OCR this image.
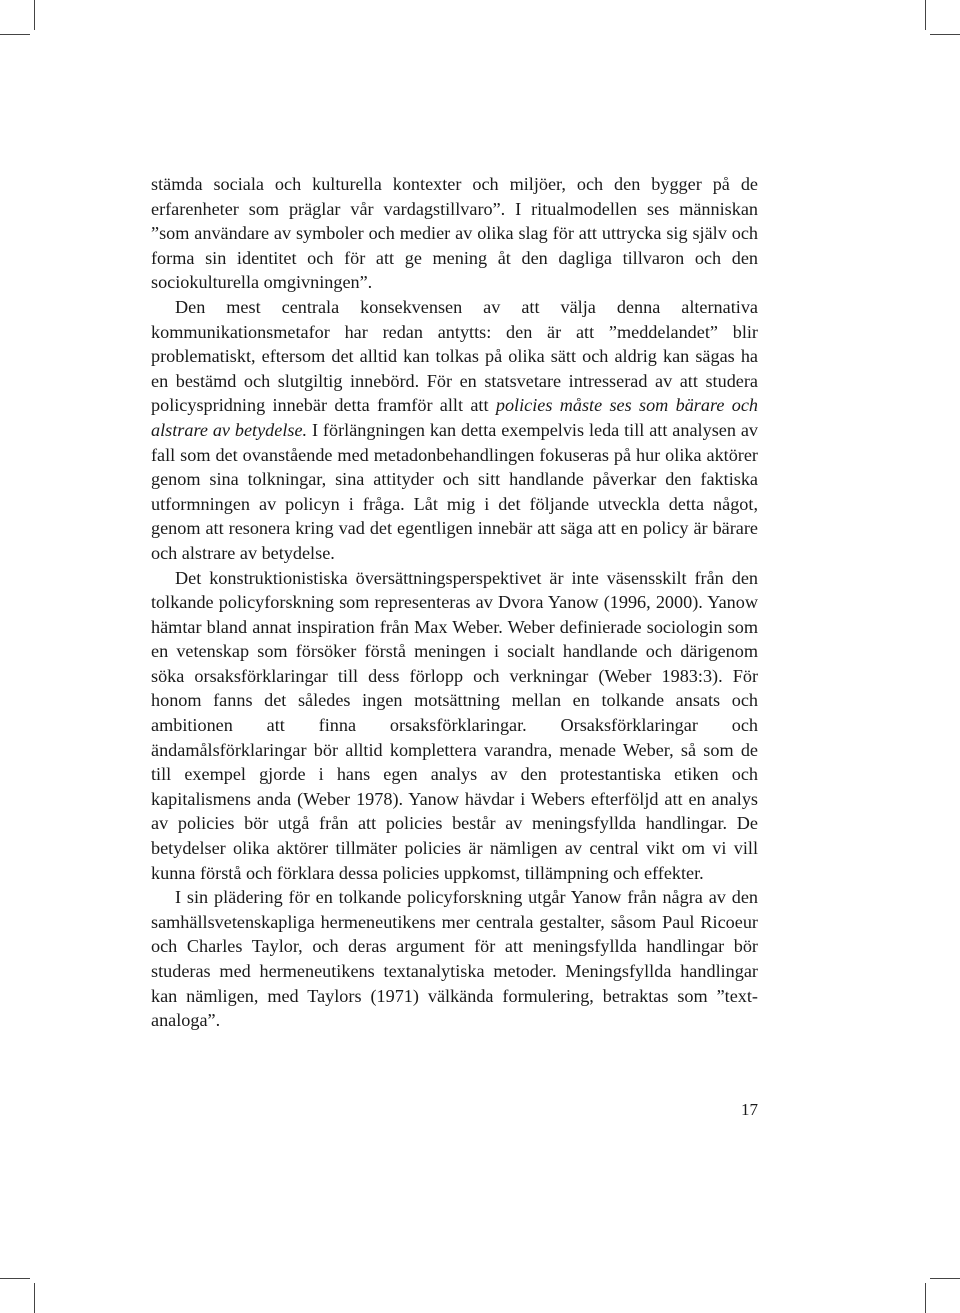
stämda sociala och kulturella kontexter och miljöer, och den bygger på de erfarenheter som präglar vår vardagstillvaro”. I ritualmodellen ses människan ”som användare av symboler och medier av olika slag för att uttrycka sig själv och forma sin identitet och för att ge mening åt den dagliga tillvaron och den sociokulturella omgivningen”.

Den mest centrala konsekvensen av att välja denna alternativa kommunikationsmetafor har redan antytts: den är att ”meddelandet” blir problematiskt, eftersom det alltid kan tolkas på olika sätt och aldrig kan sägas ha en bestämd och slutgiltig innebörd. För en statsvetare intresserad av att studera policyspridning innebär detta framför allt att policies måste ses som bärare och alstrare av betydelse. I förlängningen kan detta exempelvis leda till att analysen av fall som det ovanstående med metadonbehandlingen fokuseras på hur olika aktörer genom sina tolkningar, sina attityder och sitt handlande påverkar den faktiska utformningen av policyn i fråga. Låt mig i det följande utveckla detta något, genom att resonera kring vad det egentligen innebär att säga att en policy är bärare och alstrare av betydelse.

Det konstruktionistiska översättningsperspektivet är inte väsensskilt från den tolkande policyforskning som representeras av Dvora Yanow (1996, 2000). Yanow hämtar bland annat inspiration från Max Weber. Weber definierade sociologin som en vetenskap som försöker förstå meningen i socialt handlande och därigenom söka orsaksförklaringar till dess förlopp och verkningar (Weber 1983:3). För honom fanns det således ingen motsättning mellan en tolkande ansats och ambitionen att finna orsaksförklaringar. Orsaksförklaringar och ändamålsförklaringar bör alltid komplettera varandra, menade Weber, så som de till exempel gjorde i hans egen analys av den protestantiska etiken och kapitalismens anda (Weber 1978). Yanow hävdar i Webers efterföljd att en analys av policies bör utgå från att policies består av meningsfyllda handlingar. De betydelser olika aktörer tillmäter policies är nämligen av central vikt om vi vill kunna förstå och förklara dessa policies uppkomst, tillämpning och effekter.

I sin plädering för en tolkande policyforskning utgår Yanow från några av den samhällsvetenskapliga hermeneutikens mer centrala gestalter, såsom Paul Ricoeur och Charles Taylor, och deras argument för att meningsfyllda handlingar bör studeras med hermeneutikens textanalytiska metoder. Meningsfyllda handlingar kan nämligen, med Taylors (1971) välkända formulering, betraktas som ”text-analoga”.

17
